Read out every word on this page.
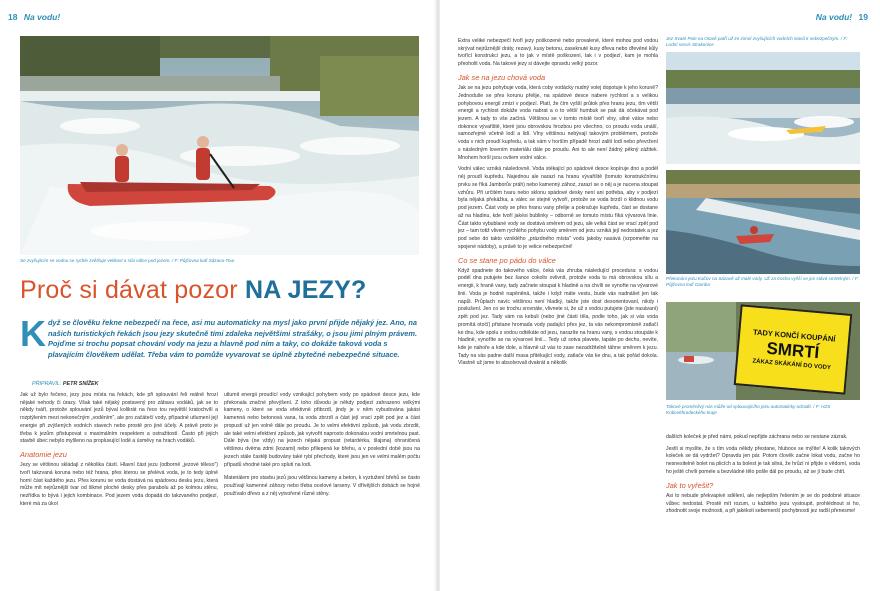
18 Na vodu!
Se zvyšujícím se vodou se rychle zvětšuje velikost a síla válce pod jezem. / F: Půjčovna lodí Sázava-Tour
Proč si dávat pozor NA JEZY?
K dyž se člověku řekne nebezpečí na řece, asi mu automaticky na mysl jako první přijde nějaký jez. Ano, na našich turistických řekách jsou jezy skutečně tími zdaleka největšími strašáky, o jsou jimi plným právem. Pojďme si trochu popsat chování vody na jezu a hlavně pod ním a taky, co dokáže taková voda s plavajícím člověkem udělat. Třeba vám to pomůže vyvarovat se úplně zbytečné nebezpečné situace.
PŘIPRAVIL: PETR SNÍŽEK

Jak už bylo řečeno, jezy jsou místa na řekách, kde při splouvání řeli reálně hrozí nějaké nehody či úrazy. Však také nějaký postavený pro zábavu vodáků, jak se to někdy tváří, protože splouvání jezů býval kolikrát na řece tou největší kratochvílí a rozptýlením mezi nekonečným „voděním", ale pro začátečí vody, případné utlumení její energie při zvýšených vodních stavech nebo prostě pro jiné účely. A právě proto je třeba k jezům přistupovat s maximálním respektem a ostražitostí. Často při jejich stavbě úbec nebylo myšleno na propluvující lodě a úsměvy na hrach vodáků.

Anatomie jezu

Jezy se většinou skládají z několika částí. Hlavní část jezu (odborně „jezové těleso") tvoří takzvaná koruna nebo též hrana, přes kterou se přelévá voda, je to tedy úplně horní část každého jezu. Přes korunu se voda dostává na spádovou desku jezu, která může mít nejrůznější tvar od šikmé ploché desky přes parabolu až po kolmou stěnu, nezřídka to bývá i jejich kombinace. Pod jezem voda dopadá do takzvaného podjezí, které má za úkol

utlumit energii proudící vody vznikající pohybem vody po spádové desce jezu, kde překonala značné převýšení. Z toho důvodu je někdy podjezí zahrazeno velkými kameny, o které se voda efektivně přibrzdí, jindy je v něm vybudována jakási kamenná nebo betonová vana, ta voda zbrzdí a část její vrací zpět pod jez a část propustí už jen volně dále po proudu. Je to velmi efektivní způsob, jak vodu zbrzdit, ale také velmi efektivní způsob, jak vytvořit naprosto dokonalou vodní smrtelnou past. Dále býva (ne vždy) na jezech nějaká propust (retardérka, šlajsna) ohraničená většinou dvěma zdmi (kozami) nebo přilepená ke břehu, a v poslední době jsou na jezech stále častěji budovány také rybí přechody, které jsou jen ve velmi malém počtu případů vhodné také pro splutí na lodi.

Materiálem pro stavbu jezů jsou většinou kameny a beton, k vyztužení břehů se často používají kamenné záhozy nebo třeba ocelové larseny. V dřívějších dobách se hojně používalo dřevo a z něj vytvořené různé stěny.

Na vodu! 19

Extra veliké nebezpečí tvoří jezy poškozené nebo provalené, které mohou pod vodou skrývat nejrůznější dráty, rezavý, kusy betonu, zaseknuté kusy dřeva nebo dřevěné kůly tvořící konstrukci jezu, a to jak v místě poškození, tak i v podjezí, kam je mohla přeoholit voda. Na takové jezy si dávejte opravdu velký pozor.

Jak se na jezu chová voda

Jak se na jezu pohybuje voda, která coby vodácky nudný volej dopotuje k jeho koruně? Jednoduše se přes korunu přelije, na spádové desce nabere rychlost a s velikou pohybovou energií zmizí v podjezí. Platí, že čím vyšší průtok přes hranu jezu, tím větší energii a rychlost dokáže voda nabrat a o to větší humbuk se pak dá očekávat pod jezem. A tady to vše začíná. Většinou se v tomto místě tvoří vlny, silné válce nebo dokonce vývařiště, které jsou obrovskou hrozbou pro všechno, co proudu voda unáší, samozřejmě včetně lodí a lidí. Vlny většinou nebývají takovým problémem, protože voda v nich proudí kupředu, a tak vám v horším případě hrozí zalití lodi nebo převržení s následným lovením materiálu dále po proudu. Ani to ale není žádný pěkný zážitek. Mnohem horší jsou ovšem vodní válce.

Vodní válec vzniká následovně. Voda stékající po spádové desce kopíruje dno a podél něj proudí kupředu. Najednou ale narazí na hranu vývařiště (tomuto konstrukčnímu prvku se říká Jamborův práh) nebo kamenný zához, zarazí se o něj a je nucena stoupat vzhůru. Při určitém tvaru nebo sklonu spádové desky není ani potřeba, aby v podjezí byla nějaká překážka, a válec se stejně vytvoří, protože se voda brzdí o klidnou vodu pod jezem. Část vody se přes hranu vany přelije a pokračuje kupředu, část se dostane až na hladinu, kde tvoří jakési bublinky – odborně se tomuto místu říká vývarová linie. Část takto vybublané vody se dostává směrem od jezu, ale velká část se vrací zpět pod jez – tam totiž vlivem rychlého pohybu vody směrem od jezu vzniká její nedostatek a jez pod sebe do takto vzniklého „prázdného místa" vodu jakoby nasává (vzpomeňte na spojené nádoby), a právě to je velice nebezpečné!

Co se stane po pádu do válce

Když spadnete do takového válce, čeká vás zhruba následující procedura: s vodou podél dna putujete bez šance cokoliv ovlivnit, protože voda tu má obrovskou sílu a energii, k hraně vany, tady začnete stoupat k hladině a na chvíli se vynořte na vývarové linii. Voda je hodně napěněná, takže i když máte vestu, bude vás nadnášet jen tak napůl. Průplach navíc většinou není hladký, takže jste dost desorientovaní, nikdy i poslušení. Jen co se trochu srovnáte, vlivnete si, že už s vodou putujete (jste nasávaní) zpět pod jez. Tady vám na kebuli (nebo jiné části těla, podle toho, jak si vás voda promítá otočí) přistane hromada vody padající přes jez, ta vás nekompromisně zatlačí ke dnu, kde spolu s vodou odtékáte od jezu, narazíte na hranu vany, s vodou stoupáte k hladině, vynoříte se na vývarové linii... Tedy už sotva plavete, lapáte po dechu, nevíte, kde je nahoře a kde dole, a hlavně už vás to zase nezadržitelně táhne směrem k jezu. Tady na vás padne další masa přitékající vody, zatlače vás ke dnu, a tak pořád dokola. Vlastně už jsme to absolvovali dvakrát a několik

Jez Svaté Pole na Otavě patří už ze zimní zvyšujících vodních stavů k nebezpečným. / F: Lodní servis Strakonice
Překonání jezu Kačov na Sázavě až malé vody. Už za trochu vyšší se jez stává smrtelným. / F: Půjčovna lodí Gamba
TADY KONČÍ KOUPÁNÍ
SMRTÍ
ZÁKAZ SKÁKÁNÍ DO VODY
Takové proměnlivý nás může od splouvajícího jezu automaticky odradit. / F: HZS Královéhradeckého kraje

dalších koleček je před námi, pokud nepřijde záchrana nebo se nestane zázrak.

Jestli si myslíte, že s tím voda někdy přestane, hluboce se mýlíte! A kolik takových koleček se dá vydržet? Opravdu jen pár. Potom člověk začne lokat vodu, začne ho nesnesitelně bolet na plicích a ta bolest je tak silná, že hrůzí ni přijde o vědomí, voda ho ještě chvíli pomele a bezvládné tělo pošle dál po proudu, až se jí bude chtít.

Jak to vyřešit?

Asi to nebude překvapivé sdělení, ale nejlepším řešením je se do podobné situace vůbec nedostat. Prostě mít rozum, u každého jezu vystoupit, prohlédnout si ho, zhodnotit svoje možnosti, a při jakékoli sebemenší pochybnosti jez radši přenesme!
